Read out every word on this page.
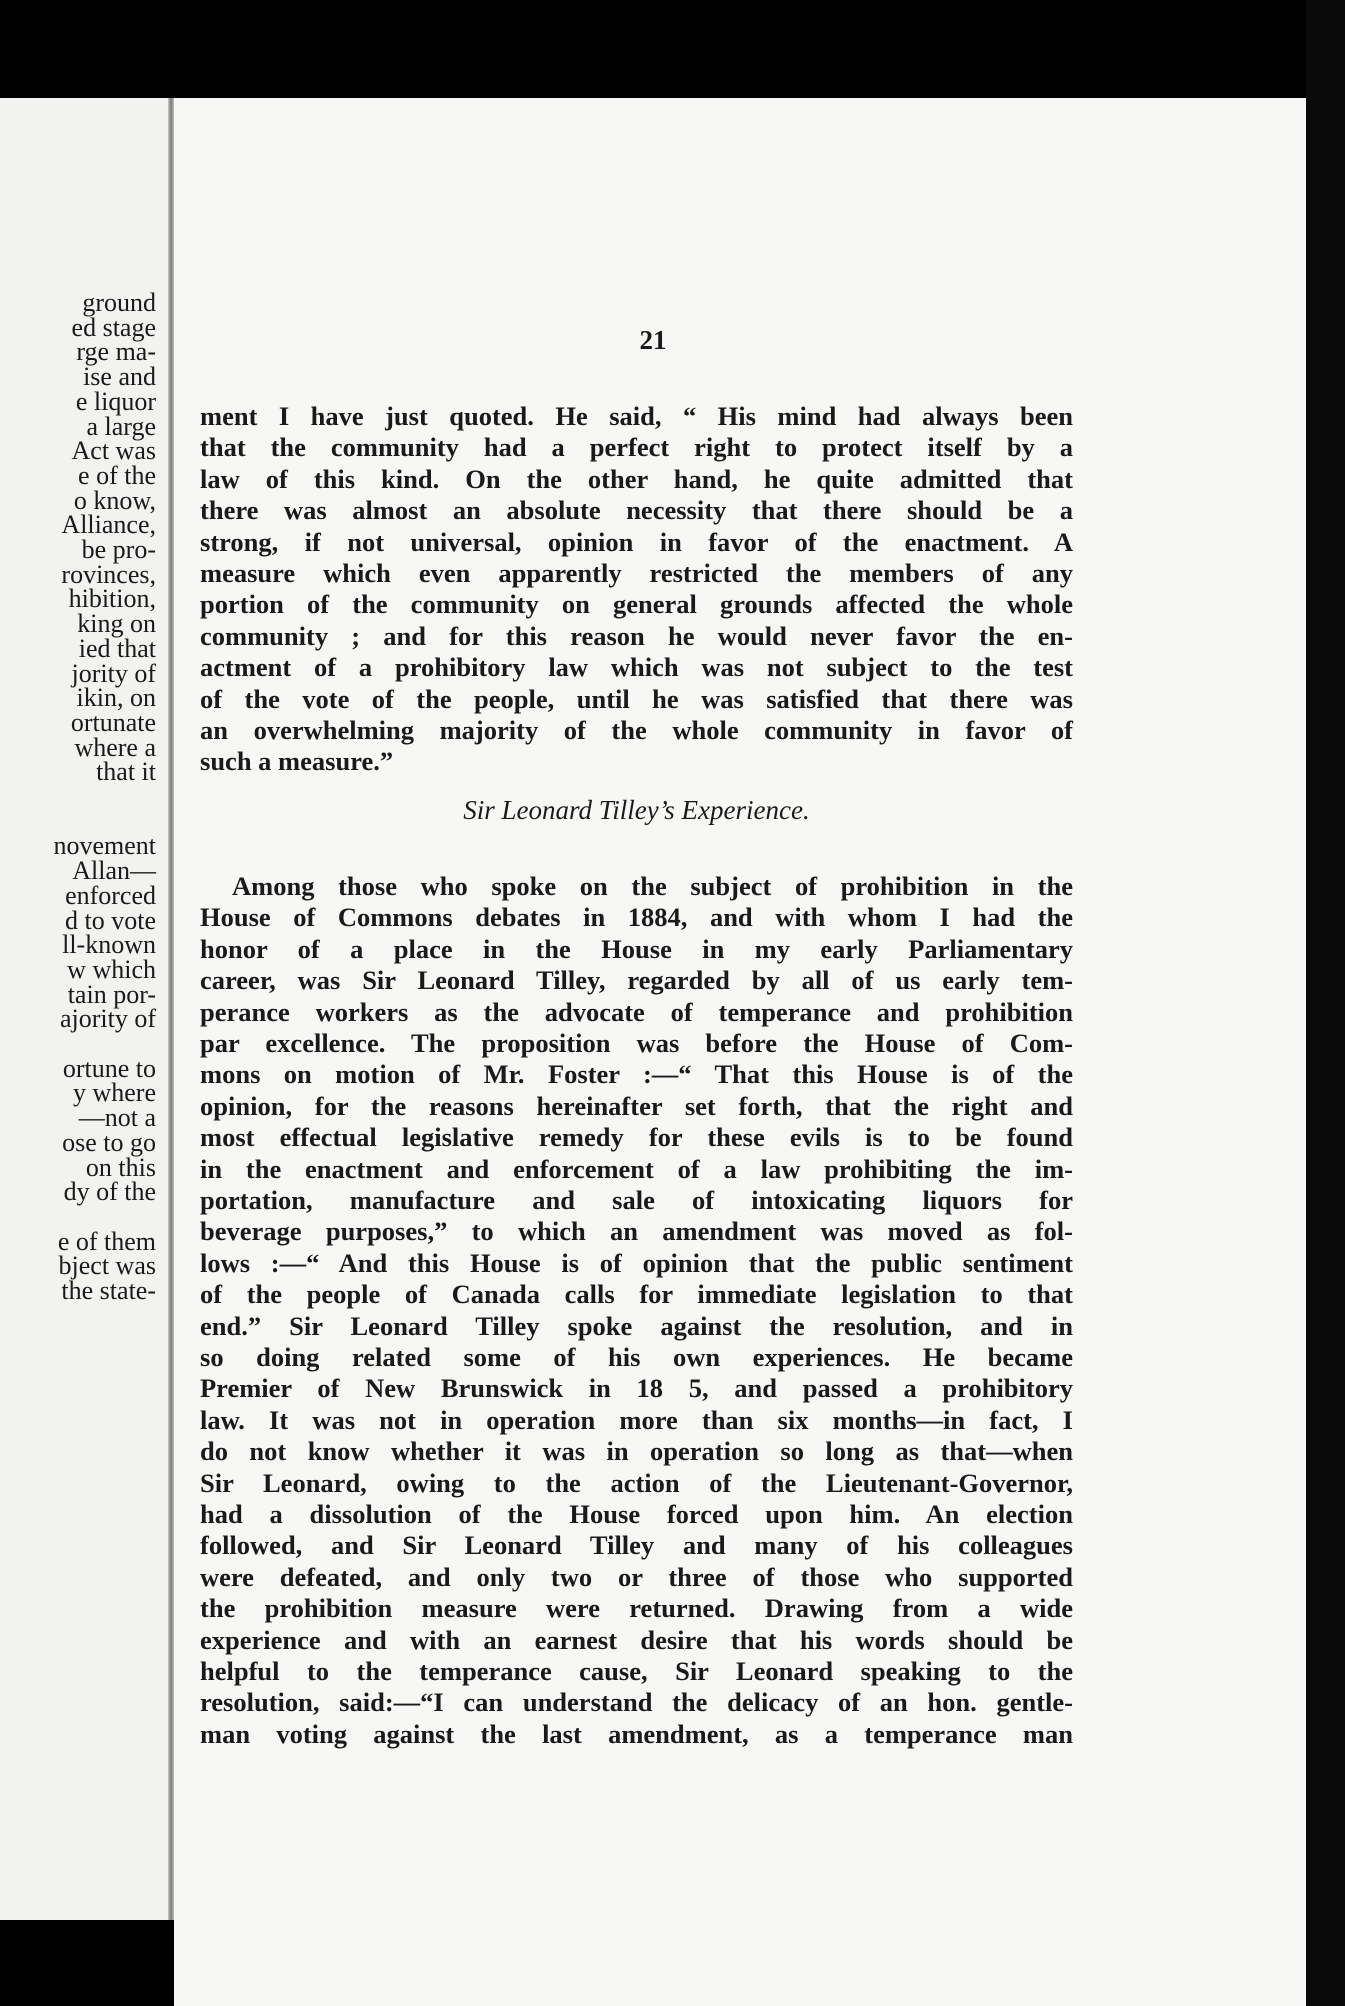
ground
ed stage
rge ma-
ise and
e liquor
a large
Act was
e of the
o know,
Alliance,
be pro-
rovinces,
hibition,
king on
ied that
jority of
ikin, on
ortunate
where a
that it
novement
Allan—
enforced
d to vote
ll-known
w which
tain por-
ajority of
ortune to
y where
—not a
ose to go
on this
dy of the
e of them
bject was
the state-
21
ment I have just quoted. He said, “ His mind had always been
that the community had a perfect right to protect itself by a
law of this kind. On the other hand, he quite admitted that
there was almost an absolute necessity that there should be a
strong, if not universal, opinion in favor of the enactment. A
measure which even apparently restricted the members of any
portion of the community on general grounds affected the whole
community ; and for this reason he would never favor the en-
actment of a prohibitory law which was not subject to the test
of the vote of the people, until he was satisfied that there was
an overwhelming majority of the whole community in favor of
such a measure.”
Sir Leonard Tilley’s Experience.
Among those who spoke on the subject of prohibition in the
House of Commons debates in 1884, and with whom I had the
honor of a place in the House in my early Parliamentary
career, was Sir Leonard Tilley, regarded by all of us early tem-
perance workers as the advocate of temperance and prohibition
par excellence. The proposition was before the House of Com-
mons on motion of Mr. Foster :—“ That this House is of the
opinion, for the reasons hereinafter set forth, that the right and
most effectual legislative remedy for these evils is to be found
in the enactment and enforcement of a law prohibiting the im-
portation, manufacture and sale of intoxicating liquors for
beverage purposes,” to which an amendment was moved as fol-
lows :—“ And this House is of opinion that the public sentiment
of the people of Canada calls for immediate legislation to that
end.” Sir Leonard Tilley spoke against the resolution, and in
so doing related some of his own experiences. He became
Premier of New Brunswick in 18 5, and passed a prohibitory
law. It was not in operation more than six months—in fact, I
do not know whether it was in operation so long as that—when
Sir Leonard, owing to the action of the Lieutenant-Governor,
had a dissolution of the House forced upon him. An election
followed, and Sir Leonard Tilley and many of his colleagues
were defeated, and only two or three of those who supported
the prohibition measure were returned. Drawing from a wide
experience and with an earnest desire that his words should be
helpful to the temperance cause, Sir Leonard speaking to the
resolution, said:—“I can understand the delicacy of an hon. gentle-
man voting against the last amendment, as a temperance man
